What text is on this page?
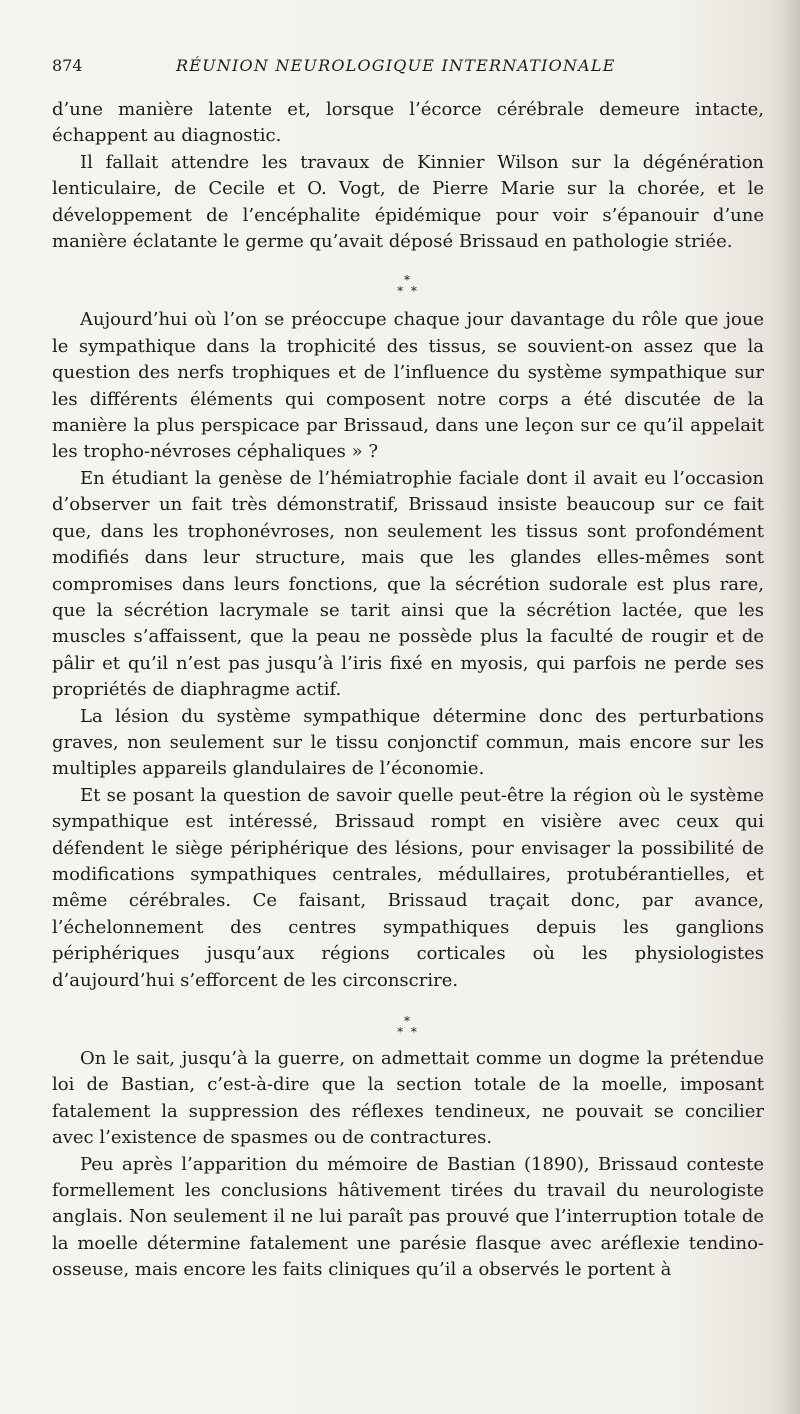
874	RÉUNION NEUROLOGIQUE INTERNATIONALE

d’une manière latente et, lorsque l’écorce cérébrale demeure intacte, échappent au diagnostic.

Il fallait attendre les travaux de Kinnier Wilson sur la dégénération lenticulaire, de Cecile et O. Vogt, de Pierre Marie sur la chorée, et le développement de l’encéphalite épidémique pour voir s’épanouir d’une manière éclatante le germe qu’avait déposé Brissaud en pathologie striée.

*
* *

Aujourd’hui où l’on se préoccupe chaque jour davantage du rôle que joue le sympathique dans la trophicité des tissus, se souvient-on assez que la question des nerfs trophiques et de l’influence du système sympathique sur les différents éléments qui composent notre corps a été discutée de la manière la plus perspicace par Brissaud, dans une leçon sur ce qu’il appelait les tropho-névroses céphaliques » ?

En étudiant la genèse de l’hémiatrophie faciale dont il avait eu l’occasion d’observer un fait très démonstratif, Brissaud insiste beaucoup sur ce fait que, dans les trophonévroses, non seulement les tissus sont profondément modifiés dans leur structure, mais que les glandes elles-mêmes sont compromises dans leurs fonctions, que la sécrétion sudorale est plus rare, que la sécrétion lacrymale se tarit ainsi que la sécrétion lactée, que les muscles s’affaissent, que la peau ne possède plus la faculté de rougir et de pâlir et qu’il n’est pas jusqu’à l’iris fixé en myosis, qui parfois ne perde ses propriétés de diaphragme actif.

La lésion du système sympathique détermine donc des perturbations graves, non seulement sur le tissu conjonctif commun, mais encore sur les multiples appareils glandulaires de l’économie.

Et se posant la question de savoir quelle peut-être la région où le système sympathique est intéressé, Brissaud rompt en visière avec ceux qui défendent le siège périphérique des lésions, pour envisager la possibilité de modifications sympathiques centrales, médullaires, protubérantielles, et même cérébrales. Ce faisant, Brissaud traçait donc, par avance, l’échelonnement des centres sympathiques depuis les ganglions périphériques jusqu’aux régions corticales où les physiologistes d’aujourd’hui s’efforcent de les circonscrire.

*
* *

On le sait, jusqu’à la guerre, on admettait comme un dogme la prétendue loi de Bastian, c’est-à-dire que la section totale de la moelle, imposant fatalement la suppression des réflexes tendineux, ne pouvait se concilier avec l’existence de spasmes ou de contractures.

Peu après l’apparition du mémoire de Bastian (1890), Brissaud conteste formellement les conclusions hâtivement tirées du travail du neurologiste anglais. Non seulement il ne lui paraît pas prouvé que l’interruption totale de la moelle détermine fatalement une parésie flasque avec aréflexie tendino-osseuse, mais encore les faits cliniques qu’il a observés le portent à
